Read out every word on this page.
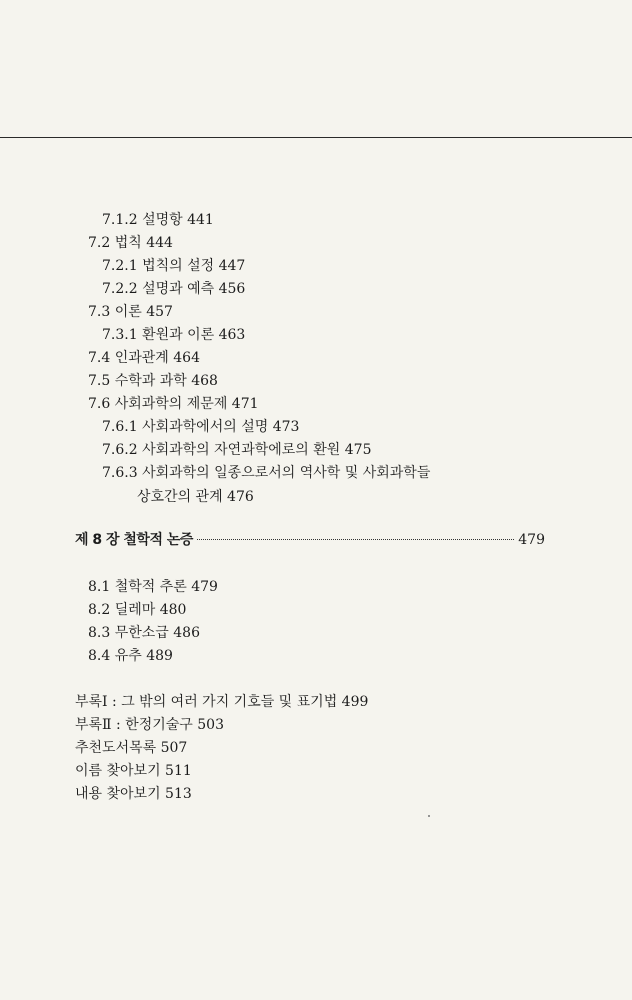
7.1.2 설명항 441
7.2 법칙 444
7.2.1 법칙의 설정 447
7.2.2 설명과 예측 456
7.3 이론 457
7.3.1 환원과 이론 463
7.4 인과관계 464
7.5 수학과 과학 468
7.6 사회과학의 제문제 471
7.6.1 사회과학에서의 설명 473
7.6.2 사회과학의 자연과학에로의 환원 475
7.6.3 사회과학의 일종으로서의 역사학 및 사회과학들
상호간의 관계 476
제 8 장 철학적 논증	479
8.1 철학적 추론 479
8.2 딜레마 480
8.3 무한소급 486
8.4 유추 489
부록Ⅰ : 그 밖의 여러 가지 기호들 및 표기법 499
부록Ⅱ : 한정기술구 503
추천도서목록 507
이름 찾아보기 511
내용 찾아보기 513
